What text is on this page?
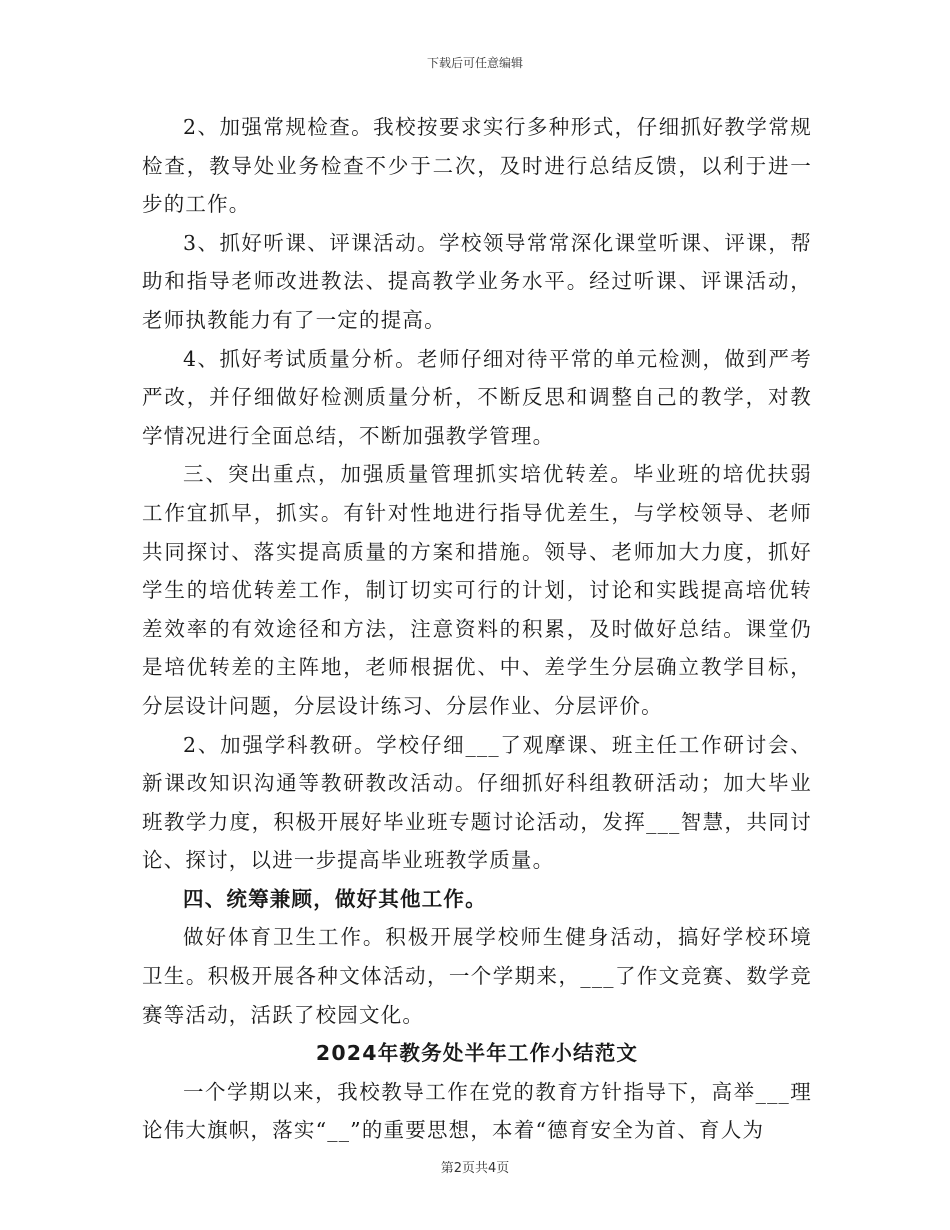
下载后可任意编辑

2、加强常规检查。我校按要求实行多种形式，仔细抓好教学常规检查，教导处业务检查不少于二次，及时进行总结反馈，以利于进一步的工作。

3、抓好听课、评课活动。学校领导常常深化课堂听课、评课，帮助和指导老师改进教法、提高教学业务水平。经过听课、评课活动，老师执教能力有了一定的提高。

4、抓好考试质量分析。老师仔细对待平常的单元检测，做到严考严改，并仔细做好检测质量分析，不断反思和调整自己的教学，对教学情况进行全面总结，不断加强教学管理。

三、突出重点，加强质量管理抓实培优转差。毕业班的培优扶弱工作宜抓早，抓实。有针对性地进行指导优差生，与学校领导、老师共同探讨、落实提高质量的方案和措施。领导、老师加大力度，抓好学生的培优转差工作，制订切实可行的计划，讨论和实践提高培优转差效率的有效途径和方法，注意资料的积累，及时做好总结。课堂仍是培优转差的主阵地，老师根据优、中、差学生分层确立教学目标，分层设计问题，分层设计练习、分层作业、分层评价。

2、加强学科教研。学校仔细___了观摩课、班主任工作研讨会、新课改知识沟通等教研教改活动。仔细抓好科组教研活动；加大毕业班教学力度，积极开展好毕业班专题讨论活动，发挥___智慧，共同讨论、探讨，以进一步提高毕业班教学质量。

四、统筹兼顾，做好其他工作。

做好体育卫生工作。积极开展学校师生健身活动，搞好学校环境卫生。积极开展各种文体活动，一个学期来，___了作文竞赛、数学竞赛等活动，活跃了校园文化。

2024年教务处半年工作小结范文

一个学期以来，我校教导工作在党的教育方针指导下，高举___理论伟大旗帜，落实“__”的重要思想，本着“德育安全为首、育人为

第2页共4页
